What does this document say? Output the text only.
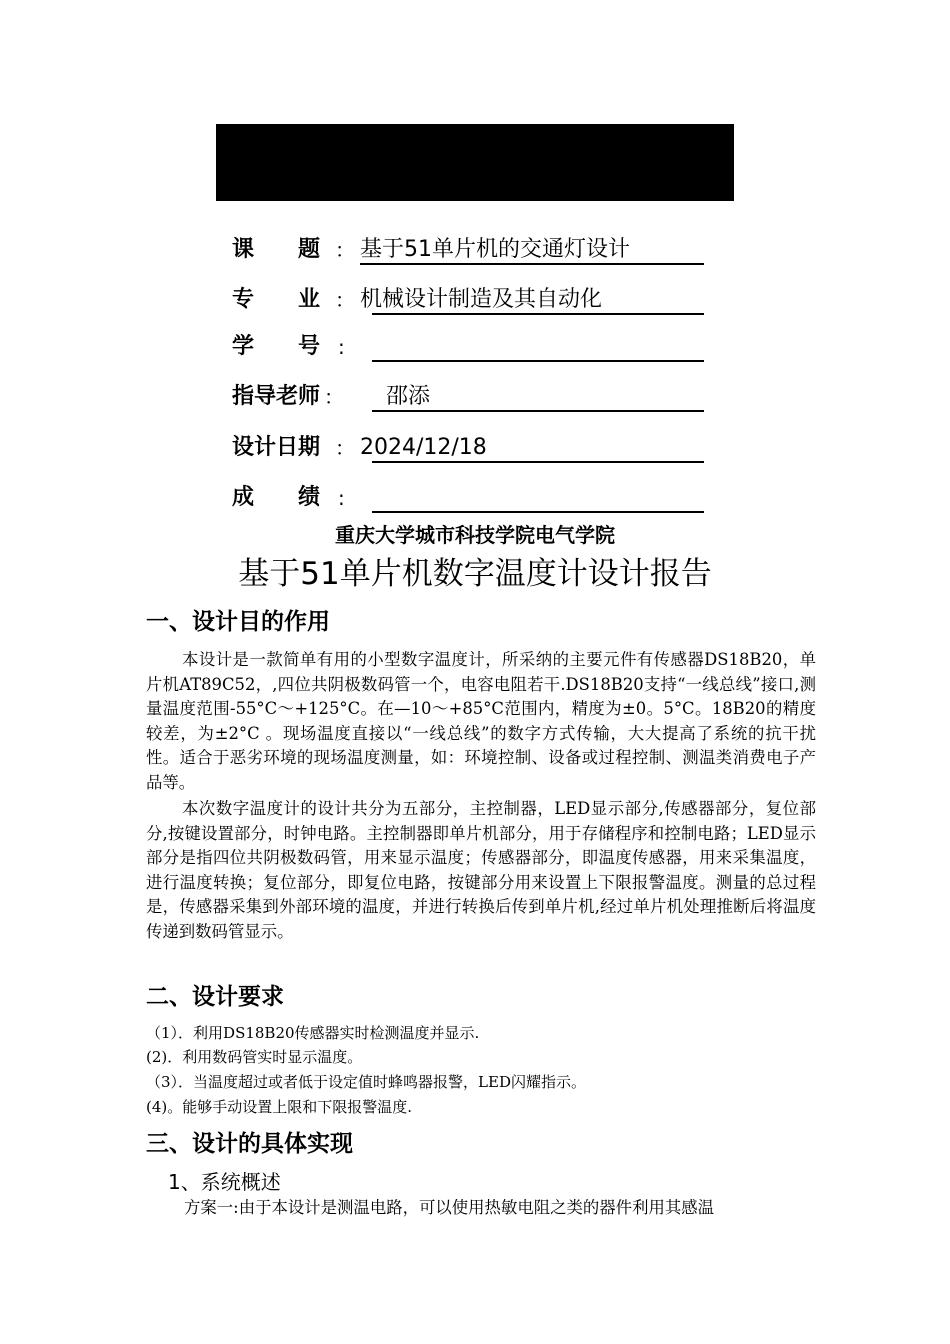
课　　题 ： 基于51单片机的交通灯设计
专　　业 ： 机械设计制造及其自动化
学　　号 :
指导老师 ： 邵添
设计日期 ： 2024/12/18
成　　绩 :
重庆大学城市科技学院电气学院
基于51单片机数字温度计设计报告
一、设计目的作用

本设计是一款简单有用的小型数字温度计，所采纳的主要元件有传感器DS18B20，单片机AT89C52，,四位共阴极数码管一个，电容电阻若干.DS18B20支持“一线总线”接口,测量温度范围-55°C～+125°C。在—10～+85°C范围内，精度为±0。5°C。18B20的精度较差，为±2°C 。现场温度直接以“一线总线”的数字方式传输，大大提高了系统的抗干扰性。适合于恶劣环境的现场温度测量，如：环境控制、设备或过程控制、测温类消费电子产品等。

本次数字温度计的设计共分为五部分，主控制器，LED显示部分,传感器部分，复位部分,按键设置部分，时钟电路。主控制器即单片机部分，用于存储程序和控制电路；LED显示部分是指四位共阴极数码管，用来显示温度；传感器部分，即温度传感器，用来采集温度，进行温度转换；复位部分，即复位电路，按键部分用来设置上下限报警温度。测量的总过程是，传感器采集到外部环境的温度，并进行转换后传到单片机,经过单片机处理推断后将温度传递到数码管显示。

二、设计要求
（1）．利用DS18B20传感器实时检测温度并显示.
(2)．利用数码管实时显示温度。
（3）．当温度超过或者低于设定值时蜂鸣器报警，LED闪耀指示。
(4)。能够手动设置上限和下限报警温度.
三、设计的具体实现
1、系统概述
方案一:由于本设计是测温电路，可以使用热敏电阻之类的器件利用其感温
